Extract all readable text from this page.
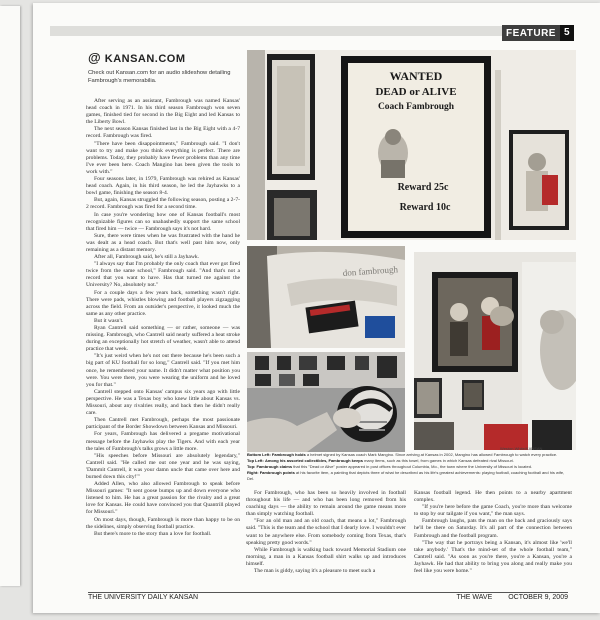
FEATURE 5
@ KANSAN.COM
Check out Kansan.com for an audio slideshow detailing Fambrough's memorabilia.

After serving as an assistant, Fambrough was named Kansas' head coach in 1971. In his third season Fambrough won seven games, finished tied for second in the Big Eight and led Kansas to the Liberty Bowl.

The next season Kansas finished last in the Big Eight with a 4-7 record. Fambrough was fired.

"There have been disappointments," Fambrough said. "I don't want to try and make you think everything is perfect. There are problems. Today, they probably have fewer problems than any time I've ever been here. Coach Mangino has been given the tools to work with."

Four seasons later, in 1979, Fambrough was rehired as Kansas' head coach. Again, in his third season, he led the Jayhawks to a bowl game, finishing the season 8-4.

But, again, Kansas struggled the following season, posting a 2-7-2 record. Fambrough was fired for a second time.

In case you're wondering how one of Kansas football's most recognizable figures can so unabashedly support the same school that fired him — twice — Fambrough says it's not hard.

Sure, there were times when he was frustrated with the hand he was dealt as a head coach. But that's well past him now, only remaining as a distant memory.

After all, Fambrough said, he's still a Jayhawk.

"I always say that I'm probably the only coach that ever got fired twice from the same school," Fambrough said. "And that's not a record that you want to have. Has that turned me against the University? No, absolutely not."

For a couple days a few years back, something wasn't right. There were pads, whistles blowing and football players zigzagging across the field. From an outsider's perspective, it looked much the same as any other practice.

But it wasn't.

Ryan Cantrell said something — or rather, someone — was missing. Fambrough, who Cantrell said nearly suffered a heat stroke during an exceptionally hot stretch of weather, wasn't able to attend practice that week.

"It's just weird when he's not out there because he's been such a big part of KU football for so long," Cantrell said. "If you met him once, he remembered your name. It didn't matter what position you were. You were there, you were wearing the uniform and he loved you for that."

Cantrell stepped onto Kansas' campus six years ago with little perspective. He was a Texas boy who knew little about Kansas vs. Missouri, about any rivalries really, and back then he didn't really care.

Then Cantrell met Fambrough, perhaps the most passionate participant of the Border Showdown between Kansas and Missouri.

For years, Fambrough has delivered a pregame motivational message before the Jayhawks play the Tigers. And with each year the tales of Fambrough's talks grows a little more.

"His speeches before Missouri are absolutely legendary," Cantrell said. "He called me out one year and he was saying, 'Dammit Cantrell, it was your damn uncle that came over here and burned down this city!'"

Added Allen, who also allowed Fambrough to speak before Missouri games: "It sent goose bumps up and down everyone who listened to him. He has a great passion for the rivalry and a great love for Kansas. He could have convinced you that Quantrill played for Missouri."

On most days, though, Fambrough is more than happy to be on the sidelines, simply observing football practice.

But there's more to the story than a love for football.

WANTED
DEAD or ALIVE
Coach Fambrough
Reward 25c
Reward 10c
don fambrough
Weston White/KANSAN
Bottom Left: Fambrough holds a helmet signed by Kansas coach Mark Mangino. Since arriving at Kansas in 2002, Mangino has allowed Fambrough to watch every practice.
Top Left: Among his assorted collectibles, Fambrough keeps many items, such as this towel, from games in which Kansas defeated rival Missouri.
Top: Fambrough claims that this "Dead or Alive" poster appeared in post offices throughout Columbia, Mo., the town where the University of Missouri is located.
Right: Fambrough points at his favorite item, a painting that depicts three of what he described as his life's greatest achievements: playing football, coaching football and his wife, Del.

For Fambrough, who has been so heavily involved in football throughout his life — and who has been long removed from his coaching days — the ability to remain around the game means more than simply watching football.

"For an old man and an old coach, that means a lot," Fambrough said. "This is the team and the school that I dearly love. I wouldn't ever want to be anywhere else. From somebody coming from Texas, that's speaking pretty good words."

While Fambrough is walking back toward Memorial Stadium one morning, a man in a Kansas football shirt walks up and introduces himself.

The man is giddy, saying it's a pleasure to meet such a

Kansas football legend. He then points to a nearby apartment complex.

"If you're here before the game Coach, you're more than welcome to stop by our tailgate if you want," the man says.

Fambrough laughs, pats the man on the back and graciously says he'll be there on Saturday. It's all part of the connection between Fambrough and the football program.

"The way that he portrays being a Kansan, it's almost like 'we'll take anybody.' That's the mind-set of the whole football team," Cantrell said. "As soon as you're there, you're a Kansan, you're a Jayhawk. He had that ability to bring you along and really make you feel like you were home."

THE UNIVERSITY DAILY KANSAN	THE WAVE OCTOBER 9, 2009
